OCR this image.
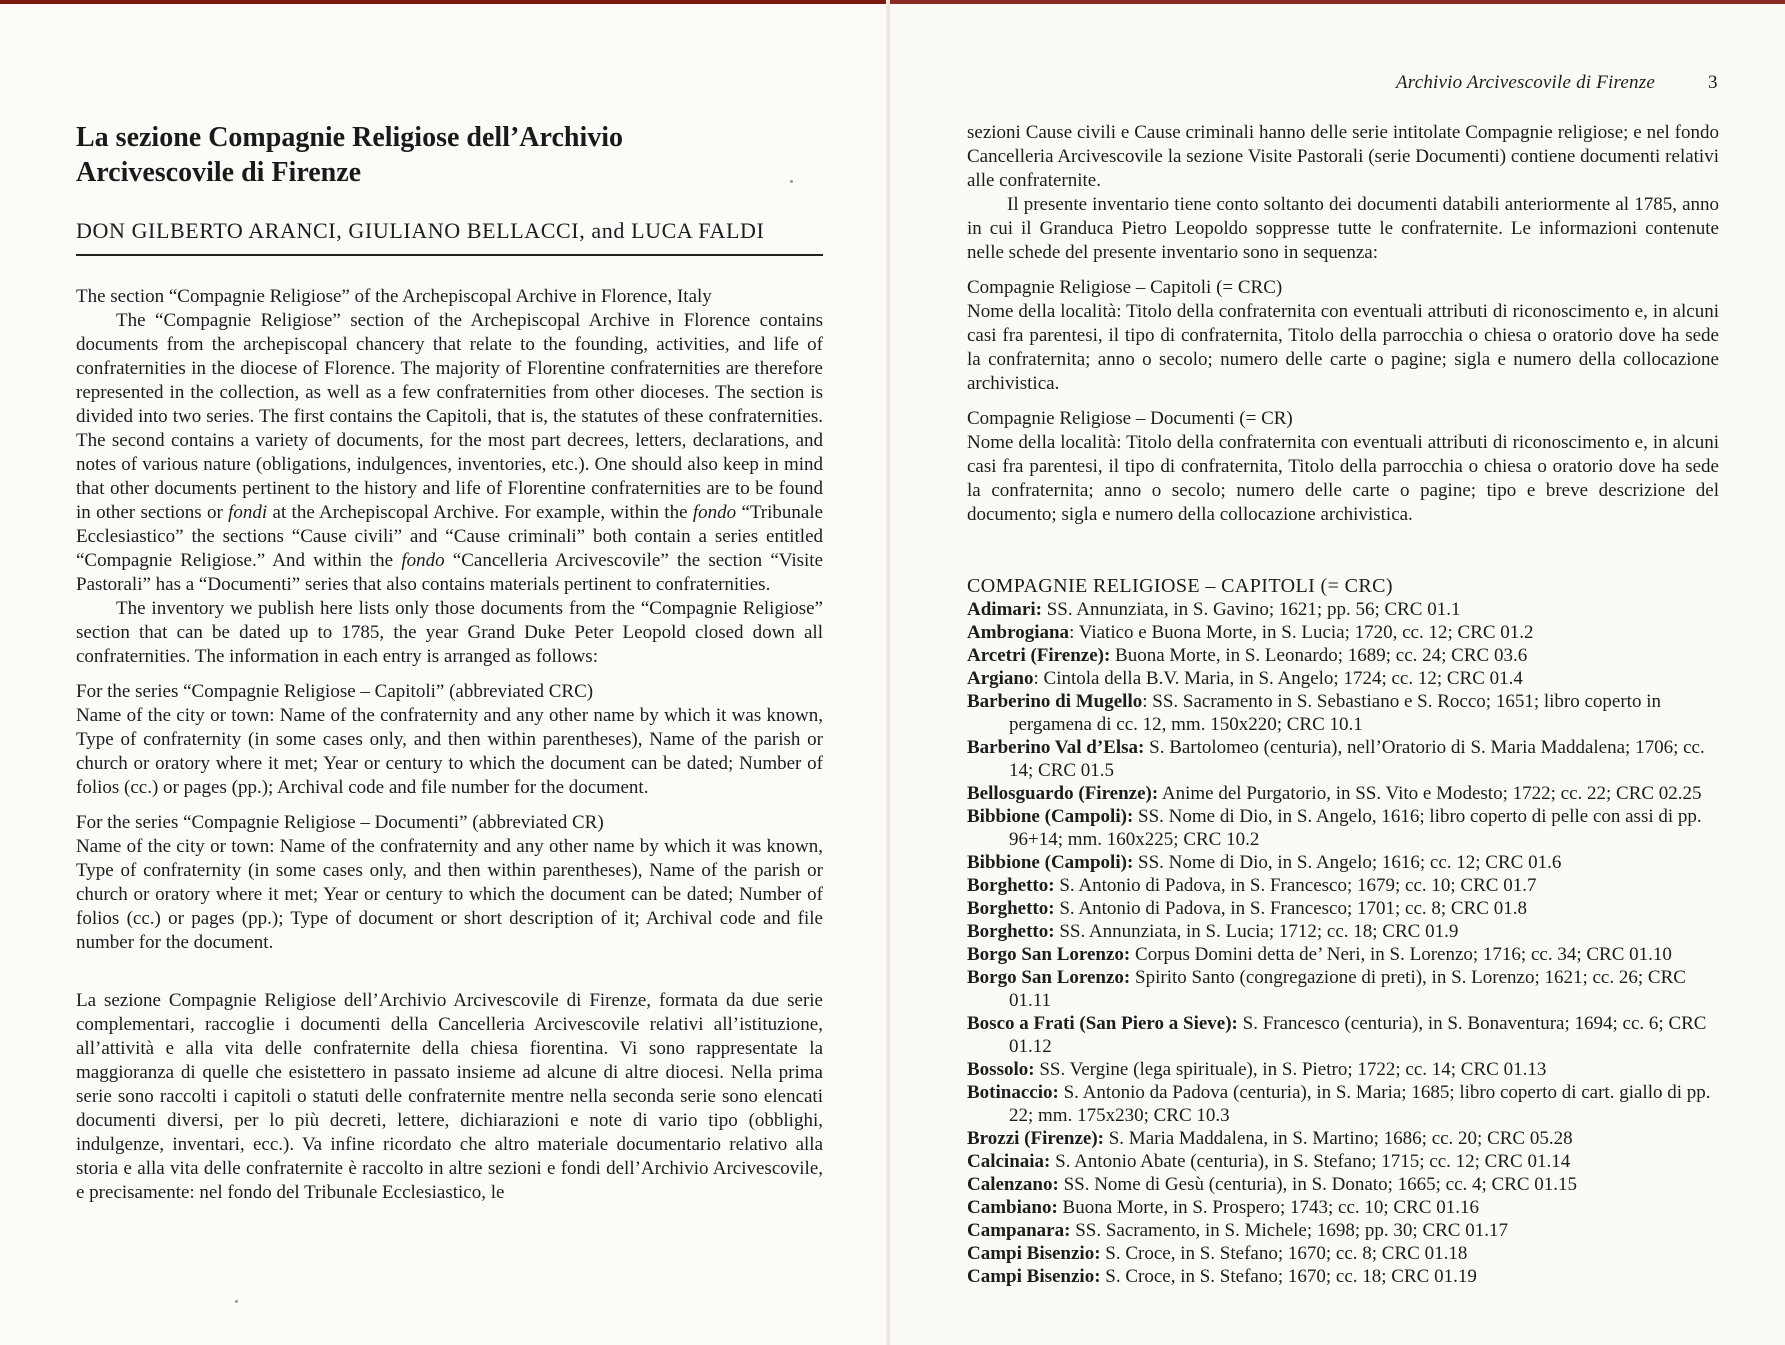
La sezione Compagnie Religiose dell’Archivio
Arcivescovile di Firenze
DON GILBERTO ARANCI, GIULIANO BELLACCI, and LUCA FALDI

The section “Compagnie Religiose” of the Archepiscopal Archive in Florence, Italy

The “Compagnie Religiose” section of the Archepiscopal Archive in Florence contains documents from the archepiscopal chancery that relate to the founding, activities, and life of confraternities in the diocese of Florence. The majority of Florentine confraternities are therefore represented in the collection, as well as a few confraternities from other dioceses. The section is divided into two series. The first contains the Capitoli, that is, the statutes of these confraternities. The second contains a variety of documents, for the most part decrees, letters, declarations, and notes of various nature (obligations, indulgences, inventories, etc.). One should also keep in mind that other documents pertinent to the history and life of Florentine confraternities are to be found in other sections or fondi at the Archepiscopal Archive. For example, within the fondo “Tribunale Ecclesiastico” the sections “Cause civili” and “Cause criminali” both contain a series entitled “Compagnie Religiose.” And within the fondo “Cancelleria Arcivescovile” the section “Visite Pastorali” has a “Documenti” series that also contains materials pertinent to confraternities.

The inventory we publish here lists only those documents from the “Compagnie Religiose” section that can be dated up to 1785, the year Grand Duke Peter Leopold closed down all confraternities. The information in each entry is arranged as follows:

For the series “Compagnie Religiose – Capitoli” (abbreviated CRC)

Name of the city or town: Name of the confraternity and any other name by which it was known, Type of confraternity (in some cases only, and then within parentheses), Name of the parish or church or oratory where it met; Year or century to which the document can be dated; Number of folios (cc.) or pages (pp.); Archival code and file number for the document.

For the series “Compagnie Religiose – Documenti” (abbreviated CR)

Name of the city or town: Name of the confraternity and any other name by which it was known, Type of confraternity (in some cases only, and then within parentheses), Name of the parish or church or oratory where it met; Year or century to which the document can be dated; Number of folios (cc.) or pages (pp.); Type of document or short description of it; Archival code and file number for the document.

La sezione Compagnie Religiose dell’Archivio Arcivescovile di Firenze, formata da due serie complementari, raccoglie i documenti della Cancelleria Arcivescovile relativi all’istituzione, all’attività e alla vita delle confraternite della chiesa fiorentina. Vi sono rappresentate la maggioranza di quelle che esistettero in passato insieme ad alcune di altre diocesi. Nella prima serie sono raccolti i capitoli o statuti delle confraternite mentre nella seconda serie sono elencati documenti diversi, per lo più decreti, lettere, dichiarazioni e note di vario tipo (obblighi, indulgenze, inventari, ecc.). Va infine ricordato che altro materiale documentario relativo alla storia e alla vita delle confraternite è raccolto in altre sezioni e fondi dell’Archivio Arcivescovile, e precisamente: nel fondo del Tribunale Ecclesiastico, le

Archivio Arcivescovile di Firenze	3

sezioni Cause civili e Cause criminali hanno delle serie intitolate Compagnie religiose; e nel fondo Cancelleria Arcivescovile la sezione Visite Pastorali (serie Documenti) contiene documenti relativi alle confraternite.

Il presente inventario tiene conto soltanto dei documenti databili anteriormente al 1785, anno in cui il Granduca Pietro Leopoldo soppresse tutte le confraternite. Le informazioni contenute nelle schede del presente inventario sono in sequenza:

Compagnie Religiose – Capitoli (= CRC)

Nome della località: Titolo della confraternita con eventuali attributi di riconoscimento e, in alcuni casi fra parentesi, il tipo di confraternita, Titolo della parrocchia o chiesa o oratorio dove ha sede la confraternita; anno o secolo; numero delle carte o pagine; sigla e numero della collocazione archivistica.

Compagnie Religiose – Documenti (= CR)

Nome della località: Titolo della confraternita con eventuali attributi di riconoscimento e, in alcuni casi fra parentesi, il tipo di confraternita, Titolo della parrocchia o chiesa o oratorio dove ha sede la confraternita; anno o secolo; numero delle carte o pagine; tipo e breve descrizione del documento; sigla e numero della collocazione archivistica.

COMPAGNIE RELIGIOSE – CAPITOLI (= CRC)

Adimari: SS. Annunziata, in S. Gavino; 1621; pp. 56; CRC 01.1

Ambrogiana: Viatico e Buona Morte, in S. Lucia; 1720, cc. 12; CRC 01.2

Arcetri (Firenze): Buona Morte, in S. Leonardo; 1689; cc. 24; CRC 03.6

Argiano: Cintola della B.V. Maria, in S. Angelo; 1724; cc. 12; CRC 01.4

Barberino di Mugello: SS. Sacramento in S. Sebastiano e S. Rocco; 1651; libro coperto in pergamena di cc. 12, mm. 150x220; CRC 10.1

Barberino Val d’Elsa: S. Bartolomeo (centuria), nell’Oratorio di S. Maria Maddalena; 1706; cc. 14; CRC 01.5

Bellosguardo (Firenze): Anime del Purgatorio, in SS. Vito e Modesto; 1722; cc. 22; CRC 02.25

Bibbione (Campoli): SS. Nome di Dio, in S. Angelo, 1616; libro coperto di pelle con assi di pp. 96+14; mm. 160x225; CRC 10.2

Bibbione (Campoli): SS. Nome di Dio, in S. Angelo; 1616; cc. 12; CRC 01.6

Borghetto: S. Antonio di Padova, in S. Francesco; 1679; cc. 10; CRC 01.7

Borghetto: S. Antonio di Padova, in S. Francesco; 1701; cc. 8; CRC 01.8

Borghetto: SS. Annunziata, in S. Lucia; 1712; cc. 18; CRC 01.9

Borgo San Lorenzo: Corpus Domini detta de’ Neri, in S. Lorenzo; 1716; cc. 34; CRC 01.10

Borgo San Lorenzo: Spirito Santo (congregazione di preti), in S. Lorenzo; 1621; cc. 26; CRC 01.11

Bosco a Frati (San Piero a Sieve): S. Francesco (centuria), in S. Bonaventura; 1694; cc. 6; CRC 01.12

Bossolo: SS. Vergine (lega spirituale), in S. Pietro; 1722; cc. 14; CRC 01.13

Botinaccio: S. Antonio da Padova (centuria), in S. Maria; 1685; libro coperto di cart. giallo di pp. 22; mm. 175x230; CRC 10.3

Brozzi (Firenze): S. Maria Maddalena, in S. Martino; 1686; cc. 20; CRC 05.28

Calcinaia: S. Antonio Abate (centuria), in S. Stefano; 1715; cc. 12; CRC 01.14

Calenzano: SS. Nome di Gesù (centuria), in S. Donato; 1665; cc. 4; CRC 01.15

Cambiano: Buona Morte, in S. Prospero; 1743; cc. 10; CRC 01.16

Campanara: SS. Sacramento, in S. Michele; 1698; pp. 30; CRC 01.17

Campi Bisenzio: S. Croce, in S. Stefano; 1670; cc. 8; CRC 01.18

Campi Bisenzio: S. Croce, in S. Stefano; 1670; cc. 18; CRC 01.19
